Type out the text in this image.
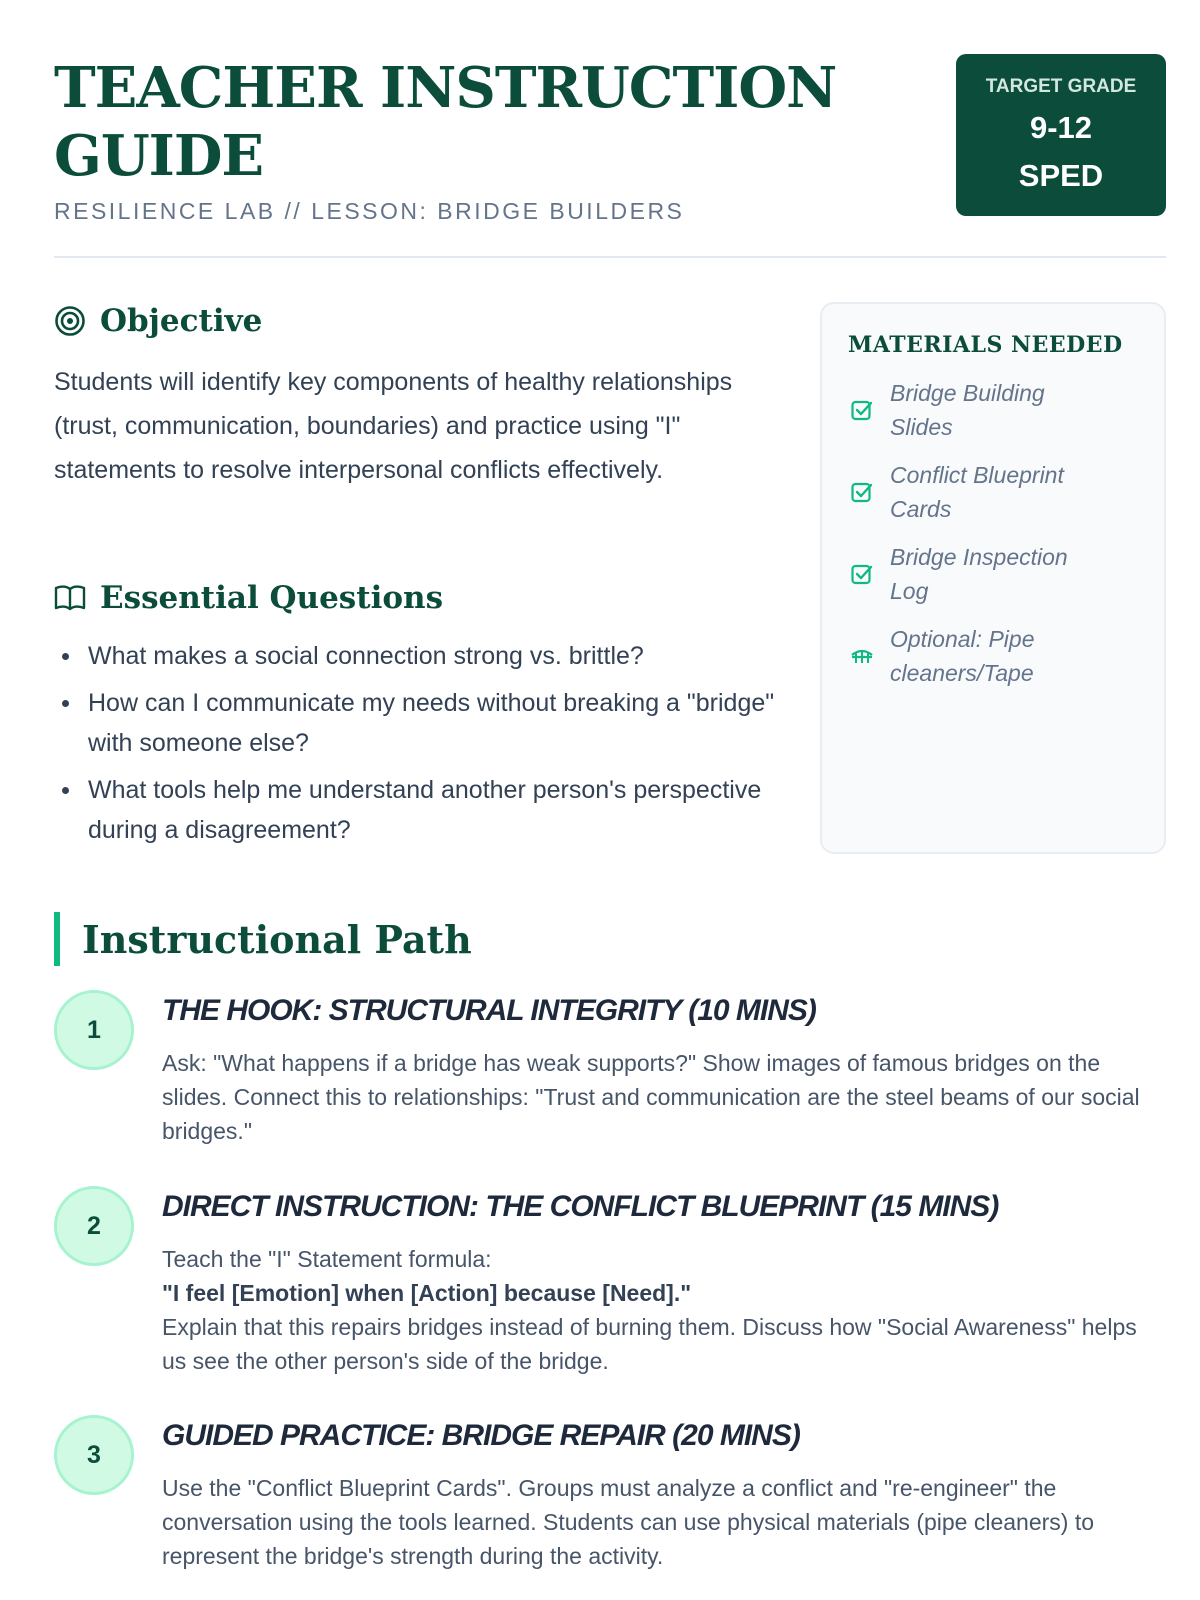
TEACHER INSTRUCTION GUIDE
RESILIENCE LAB // LESSON: BRIDGE BUILDERS
TARGET GRADE
9-12
SPED
Objective

Students will identify key components of healthy relationships (trust, communication, boundaries) and practice using "I" statements to resolve interpersonal conflicts effectively.

Essential Questions
What makes a social connection strong vs. brittle?
How can I communicate my needs without breaking a "bridge" with someone else?
What tools help me understand another person's perspective during a disagreement?
MATERIALS NEEDED
Bridge Building Slides
Conflict Blueprint Cards
Bridge Inspection Log
Optional: Pipe cleaners/Tape
Instructional Path
1
THE HOOK: STRUCTURAL INTEGRITY (10 MINS)

Ask: "What happens if a bridge has weak supports?" Show images of famous bridges on the slides. Connect this to relationships: "Trust and communication are the steel beams of our social bridges."

2
DIRECT INSTRUCTION: THE CONFLICT BLUEPRINT (15 MINS)
Teach the "I" Statement formula:
"I feel [Emotion] when [Action] because [Need]."
Explain that this repairs bridges instead of burning them. Discuss how "Social Awareness" helps us see the other person's side of the bridge.
3
GUIDED PRACTICE: BRIDGE REPAIR (20 MINS)

Use the "Conflict Blueprint Cards". Groups must analyze a conflict and "re-engineer" the conversation using the tools learned. Students can use physical materials (pipe cleaners) to represent the bridge's strength during the activity.
